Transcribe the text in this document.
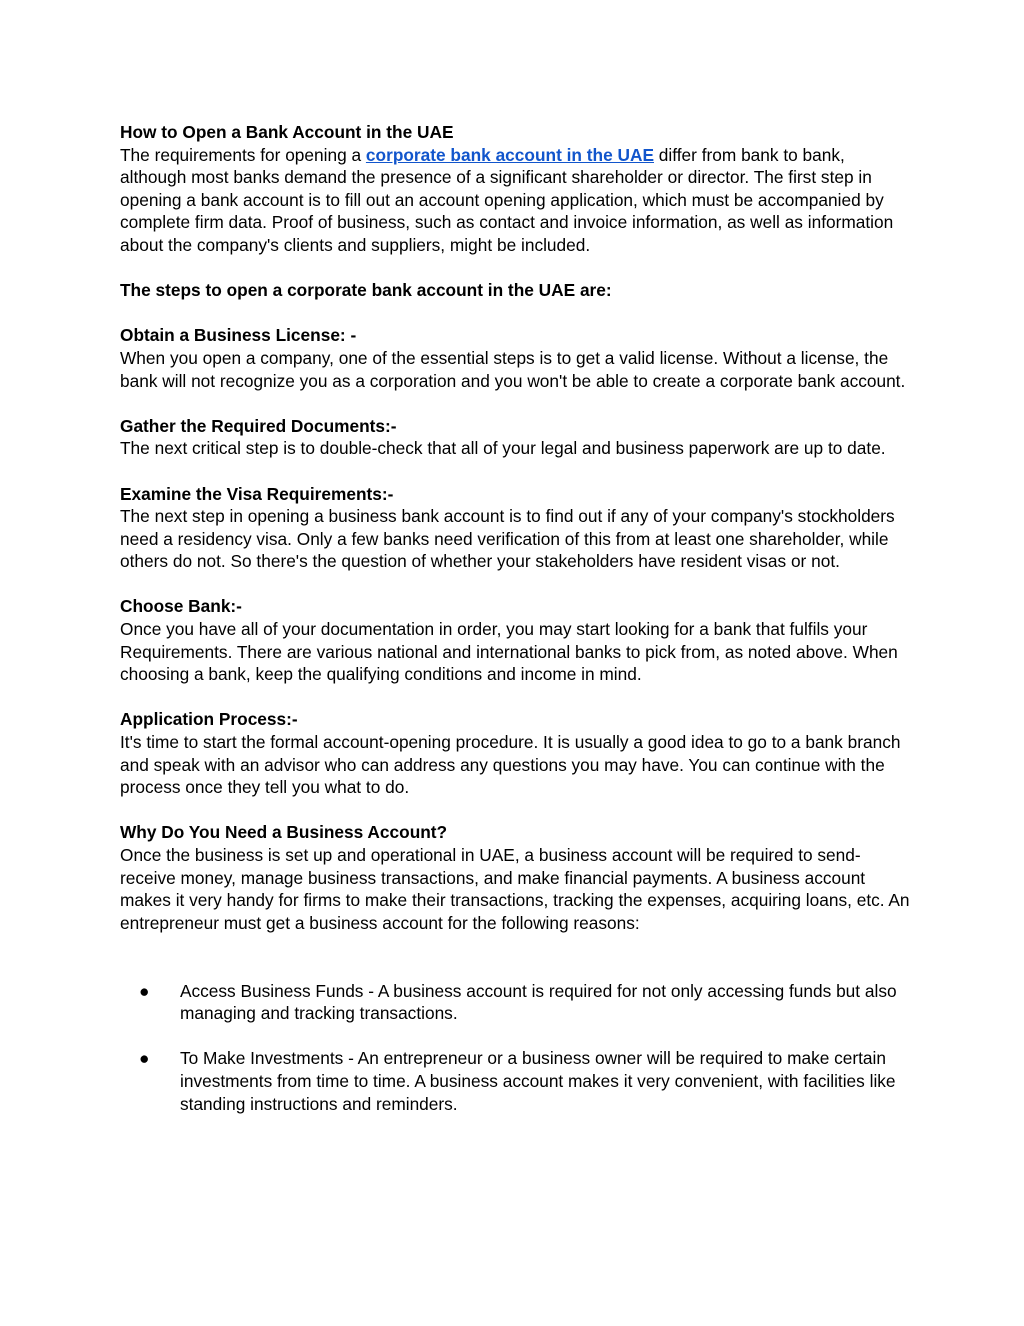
How to Open a Bank Account in the UAE

The requirements for opening a corporate bank account in the UAE differ from bank to bank, although most banks demand the presence of a significant shareholder or director. The first step in opening a bank account is to fill out an account opening application, which must be accompanied by complete firm data. Proof of business, such as contact and invoice information, as well as information about the company's clients and suppliers, might be included.

The steps to open a corporate bank account in the UAE are:
Obtain a Business License: -

When you open a company, one of the essential steps is to get a valid license. Without a license, the bank will not recognize you as a corporation and you won't be able to create a corporate bank account.

Gather the Required Documents:-

The next critical step is to double-check that all of your legal and business paperwork are up to date.

Examine the Visa Requirements:-

The next step in opening a business bank account is to find out if any of your company's stockholders need a residency visa. Only a few banks need verification of this from at least one shareholder, while others do not. So there's the question of whether your stakeholders have resident visas or not.

Choose Bank:-

Once you have all of your documentation in order, you may start looking for a bank that fulfils your Requirements. There are various national and international banks to pick from, as noted above. When choosing a bank, keep the qualifying conditions and income in mind.

Application Process:-

It's time to start the formal account-opening procedure. It is usually a good idea to go to a bank branch and speak with an advisor who can address any questions you may have. You can continue with the process once they tell you what to do.

Why Do You Need a Business Account?

Once the business is set up and operational in UAE, a business account will be required to send-receive money, manage business transactions, and make financial payments. A business account makes it very handy for firms to make their transactions, tracking the expenses, acquiring loans, etc. An entrepreneur must get a business account for the following reasons:

● Access Business Funds - A business account is required for not only accessing funds but also managing and tracking transactions.
● To Make Investments - An entrepreneur or a business owner will be required to make certain investments from time to time. A business account makes it very convenient, with facilities like standing instructions and reminders.
